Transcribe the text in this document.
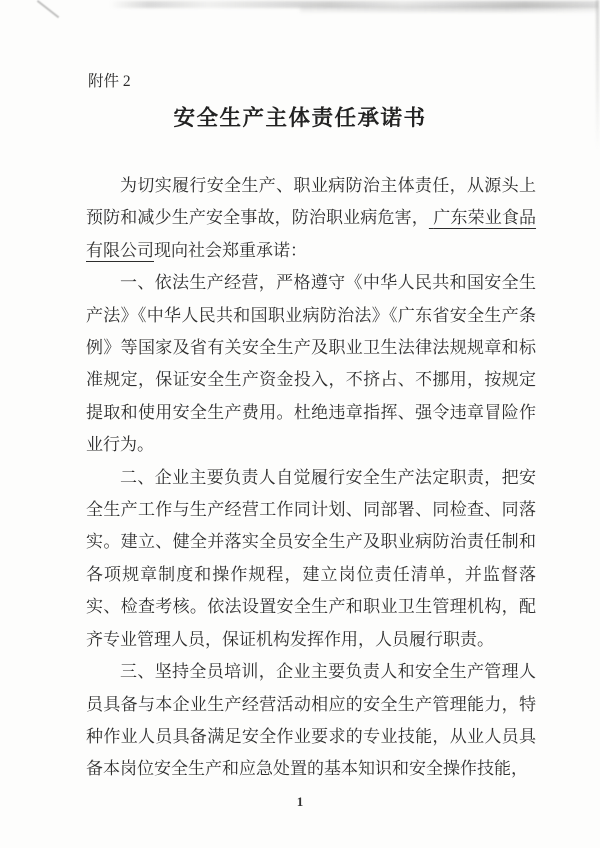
附件 2
安全生产主体责任承诺书

为切实履行安全生产、职业病防治主体责任，从源头上预防和减少生产安全事故，防治职业病危害， 广东荣业食品有限公司现向社会郑重承诺：

一、依法生产经营，严格遵守《中华人民共和国安全生产法》《中华人民共和国职业病防治法》《广东省安全生产条例》等国家及省有关安全生产及职业卫生法律法规规章和标准规定，保证安全生产资金投入，不挤占、不挪用，按规定提取和使用安全生产费用。杜绝违章指挥、强令违章冒险作业行为。

二、企业主要负责人自觉履行安全生产法定职责，把安全生产工作与生产经营工作同计划、同部署、同检查、同落实。建立、健全并落实全员安全生产及职业病防治责任制和各项规章制度和操作规程，建立岗位责任清单，并监督落实、检查考核。依法设置安全生产和职业卫生管理机构，配齐专业管理人员，保证机构发挥作用，人员履行职责。

三、坚持全员培训，企业主要负责人和安全生产管理人员具备与本企业生产经营活动相应的安全生产管理能力，特种作业人员具备满足安全作业要求的专业技能，从业人员具备本岗位安全生产和应急处置的基本知识和安全操作技能，

1
